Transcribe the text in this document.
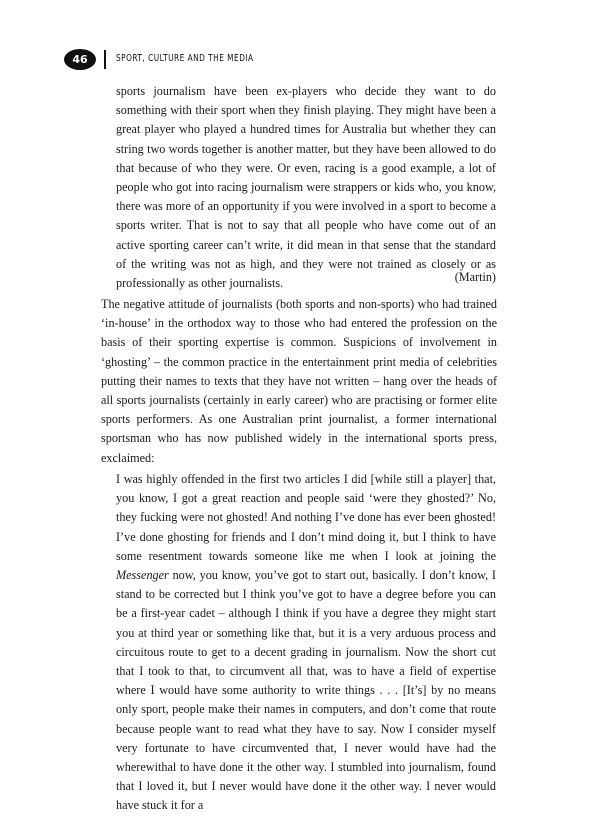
46	SPORT, CULTURE AND THE MEDIA

sports journalism have been ex-players who decide they want to do something with their sport when they finish playing. They might have been a great player who played a hundred times for Australia but whether they can string two words together is another matter, but they have been allowed to do that because of who they were. Or even, racing is a good example, a lot of people who got into racing journalism were strappers or kids who, you know, there was more of an opportunity if you were involved in a sport to become a sports writer. That is not to say that all people who have come out of an active sporting career can’t write, it did mean in that sense that the standard of the writing was not as high, and they were not trained as closely or as professionally as other journalists.	(Martin)

The negative attitude of journalists (both sports and non-sports) who had trained ‘in-house’ in the orthodox way to those who had entered the profession on the basis of their sporting expertise is common. Suspicions of involvement in ‘ghosting’ – the common practice in the entertainment print media of celebrities putting their names to texts that they have not written – hang over the heads of all sports journalists (certainly in early career) who are practising or former elite sports performers. As one Australian print journalist, a former international sportsman who has now published widely in the international sports press, exclaimed:

I was highly offended in the first two articles I did [while still a player] that, you know, I got a great reaction and people said ‘were they ghosted?’ No, they fucking were not ghosted! And nothing I’ve done has ever been ghosted! I’ve done ghosting for friends and I don’t mind doing it, but I think to have some resentment towards someone like me when I look at joining the Messenger now, you know, you’ve got to start out, basically. I don’t know, I stand to be corrected but I think you’ve got to have a degree before you can be a first-year cadet – although I think if you have a degree they might start you at third year or something like that, but it is a very arduous process and circuitous route to get to a decent grading in journalism. Now the short cut that I took to that, to circumvent all that, was to have a field of expertise where I would have some authority to write things . . . [It’s] by no means only sport, people make their names in computers, and don’t come that route because people want to read what they have to say. Now I consider myself very fortunate to have circumvented that, I never would have had the wherewithal to have done it the other way. I stumbled into journalism, found that I loved it, but I never would have done it the other way. I never would have stuck it for a
